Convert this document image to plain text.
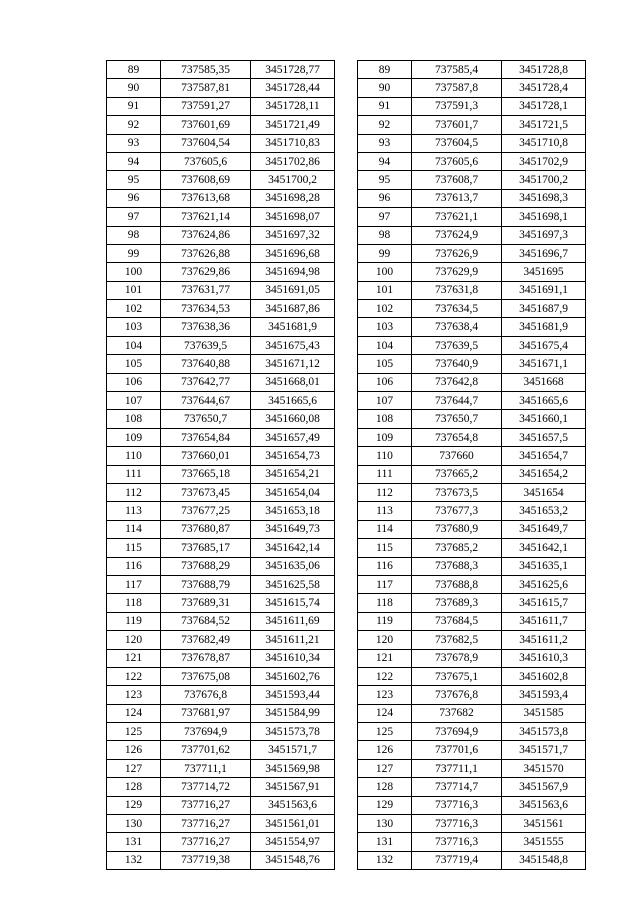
89	737585,35	3451728,77
90	737587,81	3451728,44
91	737591,27	3451728,11
92	737601,69	3451721,49
93	737604,54	3451710,83
94	737605,6	3451702,86
95	737608,69	3451700,2
96	737613,68	3451698,28
97	737621,14	3451698,07
98	737624,86	3451697,32
99	737626,88	3451696,68
100	737629,86	3451694,98
101	737631,77	3451691,05
102	737634,53	3451687,86
103	737638,36	3451681,9
104	737639,5	3451675,43
105	737640,88	3451671,12
106	737642,77	3451668,01
107	737644,67	3451665,6
108	737650,7	3451660,08
109	737654,84	3451657,49
110	737660,01	3451654,73
111	737665,18	3451654,21
112	737673,45	3451654,04
113	737677,25	3451653,18
114	737680,87	3451649,73
115	737685,17	3451642,14
116	737688,29	3451635,06
117	737688,79	3451625,58
118	737689,31	3451615,74
119	737684,52	3451611,69
120	737682,49	3451611,21
121	737678,87	3451610,34
122	737675,08	3451602,76
123	737676,8	3451593,44
124	737681,97	3451584,99
125	737694,9	3451573,78
126	737701,62	3451571,7
127	737711,1	3451569,98
128	737714,72	3451567,91
129	737716,27	3451563,6
130	737716,27	3451561,01
131	737716,27	3451554,97
132	737719,38	3451548,76
89	737585,4	3451728,8
90	737587,8	3451728,4
91	737591,3	3451728,1
92	737601,7	3451721,5
93	737604,5	3451710,8
94	737605,6	3451702,9
95	737608,7	3451700,2
96	737613,7	3451698,3
97	737621,1	3451698,1
98	737624,9	3451697,3
99	737626,9	3451696,7
100	737629,9	3451695
101	737631,8	3451691,1
102	737634,5	3451687,9
103	737638,4	3451681,9
104	737639,5	3451675,4
105	737640,9	3451671,1
106	737642,8	3451668
107	737644,7	3451665,6
108	737650,7	3451660,1
109	737654,8	3451657,5
110	737660	3451654,7
111	737665,2	3451654,2
112	737673,5	3451654
113	737677,3	3451653,2
114	737680,9	3451649,7
115	737685,2	3451642,1
116	737688,3	3451635,1
117	737688,8	3451625,6
118	737689,3	3451615,7
119	737684,5	3451611,7
120	737682,5	3451611,2
121	737678,9	3451610,3
122	737675,1	3451602,8
123	737676,8	3451593,4
124	737682	3451585
125	737694,9	3451573,8
126	737701,6	3451571,7
127	737711,1	3451570
128	737714,7	3451567,9
129	737716,3	3451563,6
130	737716,3	3451561
131	737716,3	3451555
132	737719,4	3451548,8
